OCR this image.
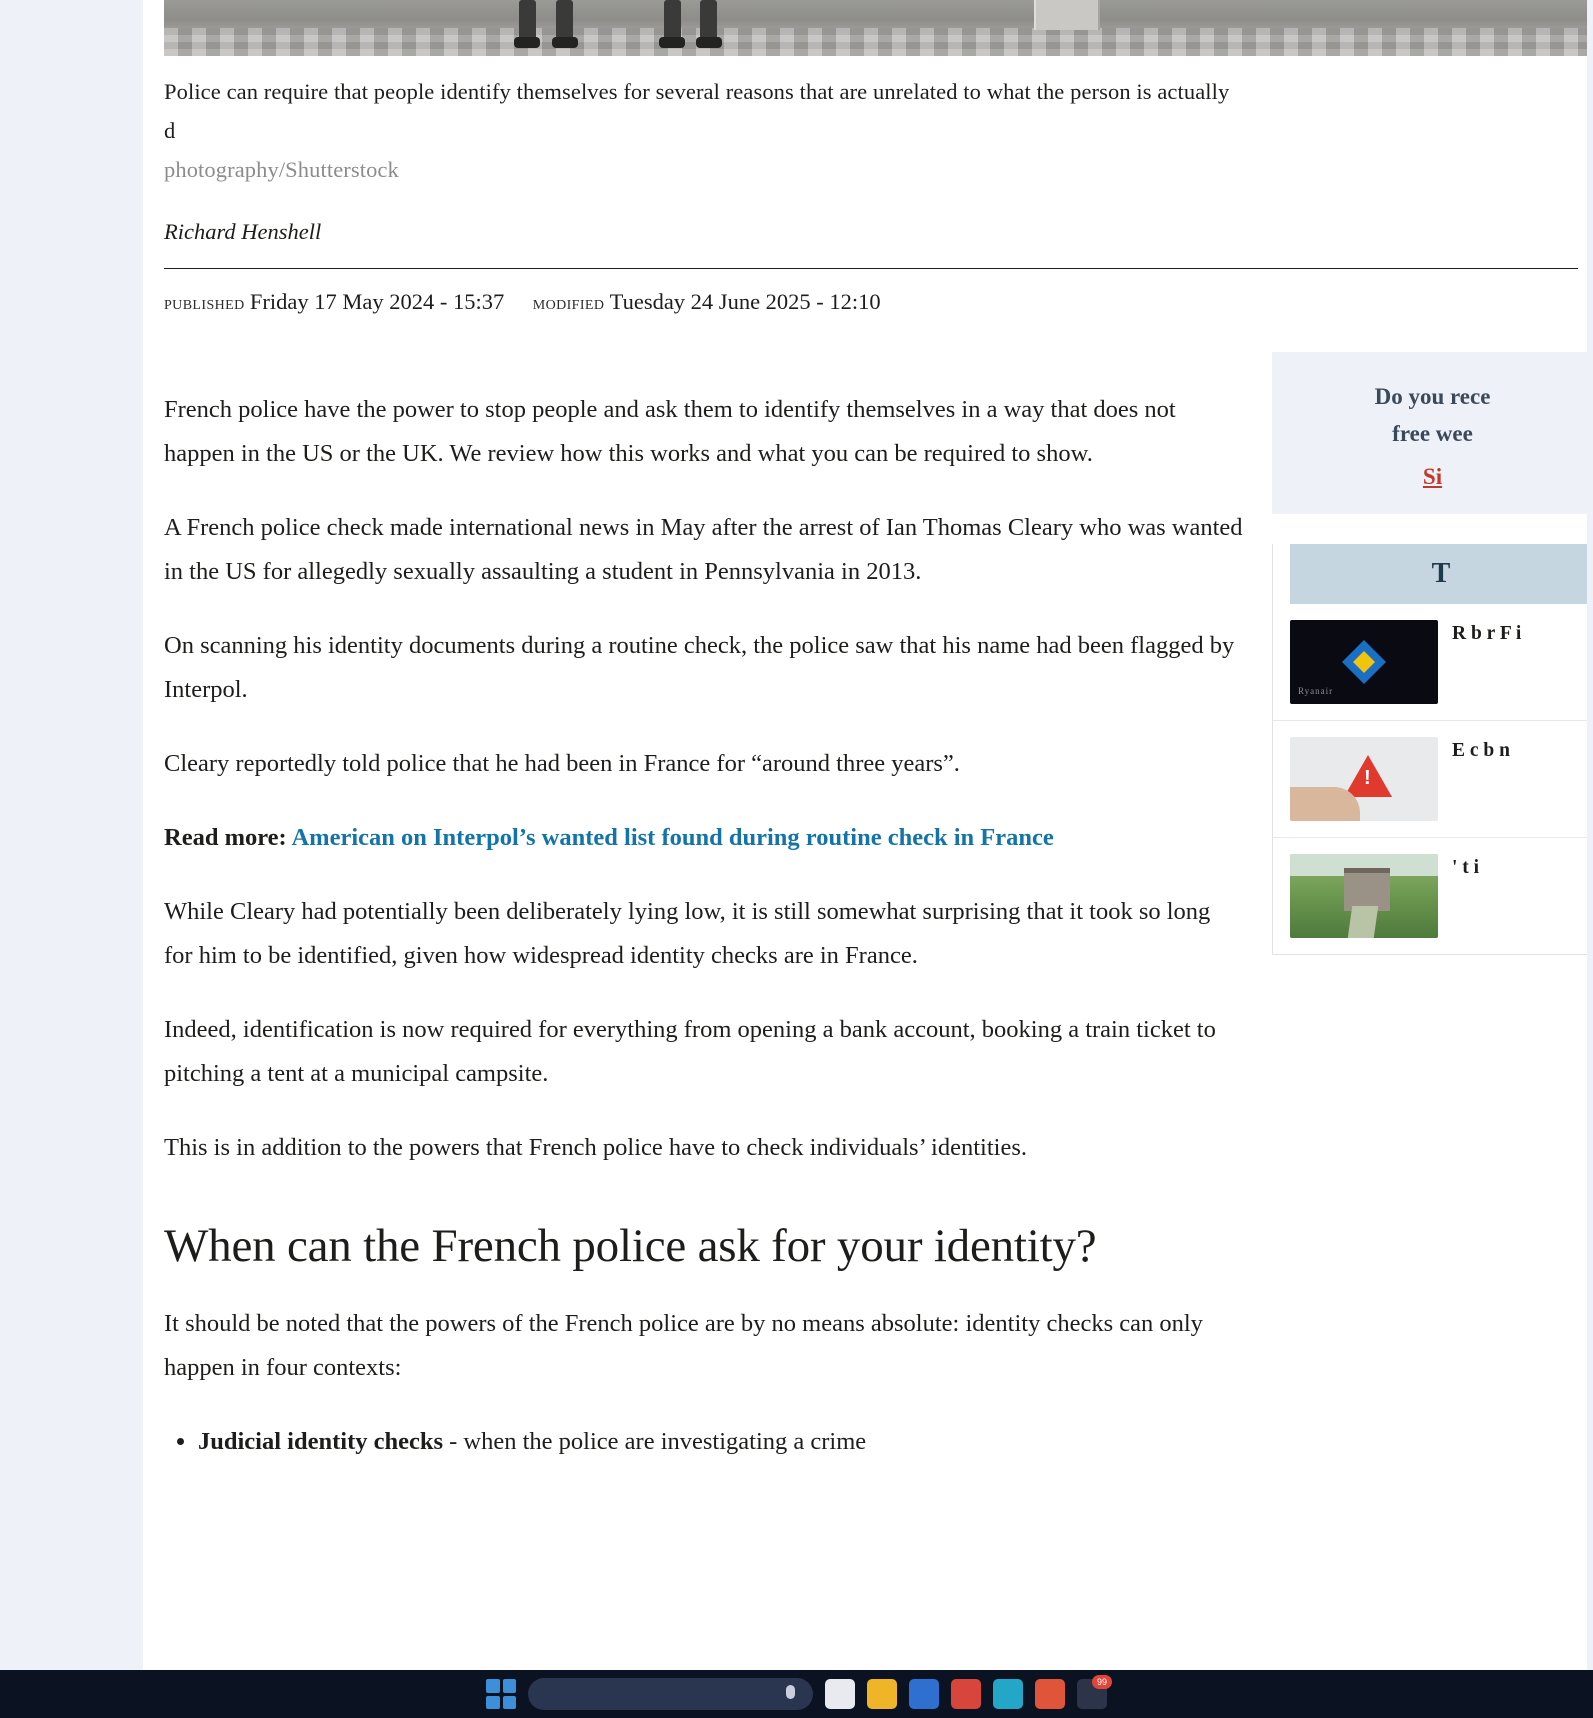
Police can require that people identify themselves for several reasons that are unrelated to what the person is actually d
photography/Shutterstock
Richard Henshell
published Friday 17 May 2024 - 15:37 modified Tuesday 24 June 2025 - 12:10

French police have the power to stop people and ask them to identify themselves in a way that does not happen in the US or the UK. We review how this works and what you can be required to show.

A French police check made international news in May after the arrest of Ian Thomas Cleary who was wanted in the US for allegedly sexually assaulting a student in Pennsylvania in 2013.

On scanning his identity documents during a routine check, the police saw that his name had been flagged by Interpol.

Cleary reportedly told police that he had been in France for “around three years”.

Read more: American on Interpol’s wanted list found during routine check in France

While Cleary had potentially been deliberately lying low, it is still somewhat surprising that it took so long for him to be identified, given how widespread identity checks are in France.

Indeed, identification is now required for everything from opening a bank account, booking a train ticket to pitching a tent at a municipal campsite.

This is in addition to the powers that French police have to check individuals’ identities.

When can the French police ask for your identity?

It should be noted that the powers of the French police are by no means absolute: identity checks can only happen in four contexts:

• Judicial identity checks - when the police are investigating a crime
Do you rece
free wee
Si
T
Ryanair
R b r F i
!
E c b n
' t i
99
